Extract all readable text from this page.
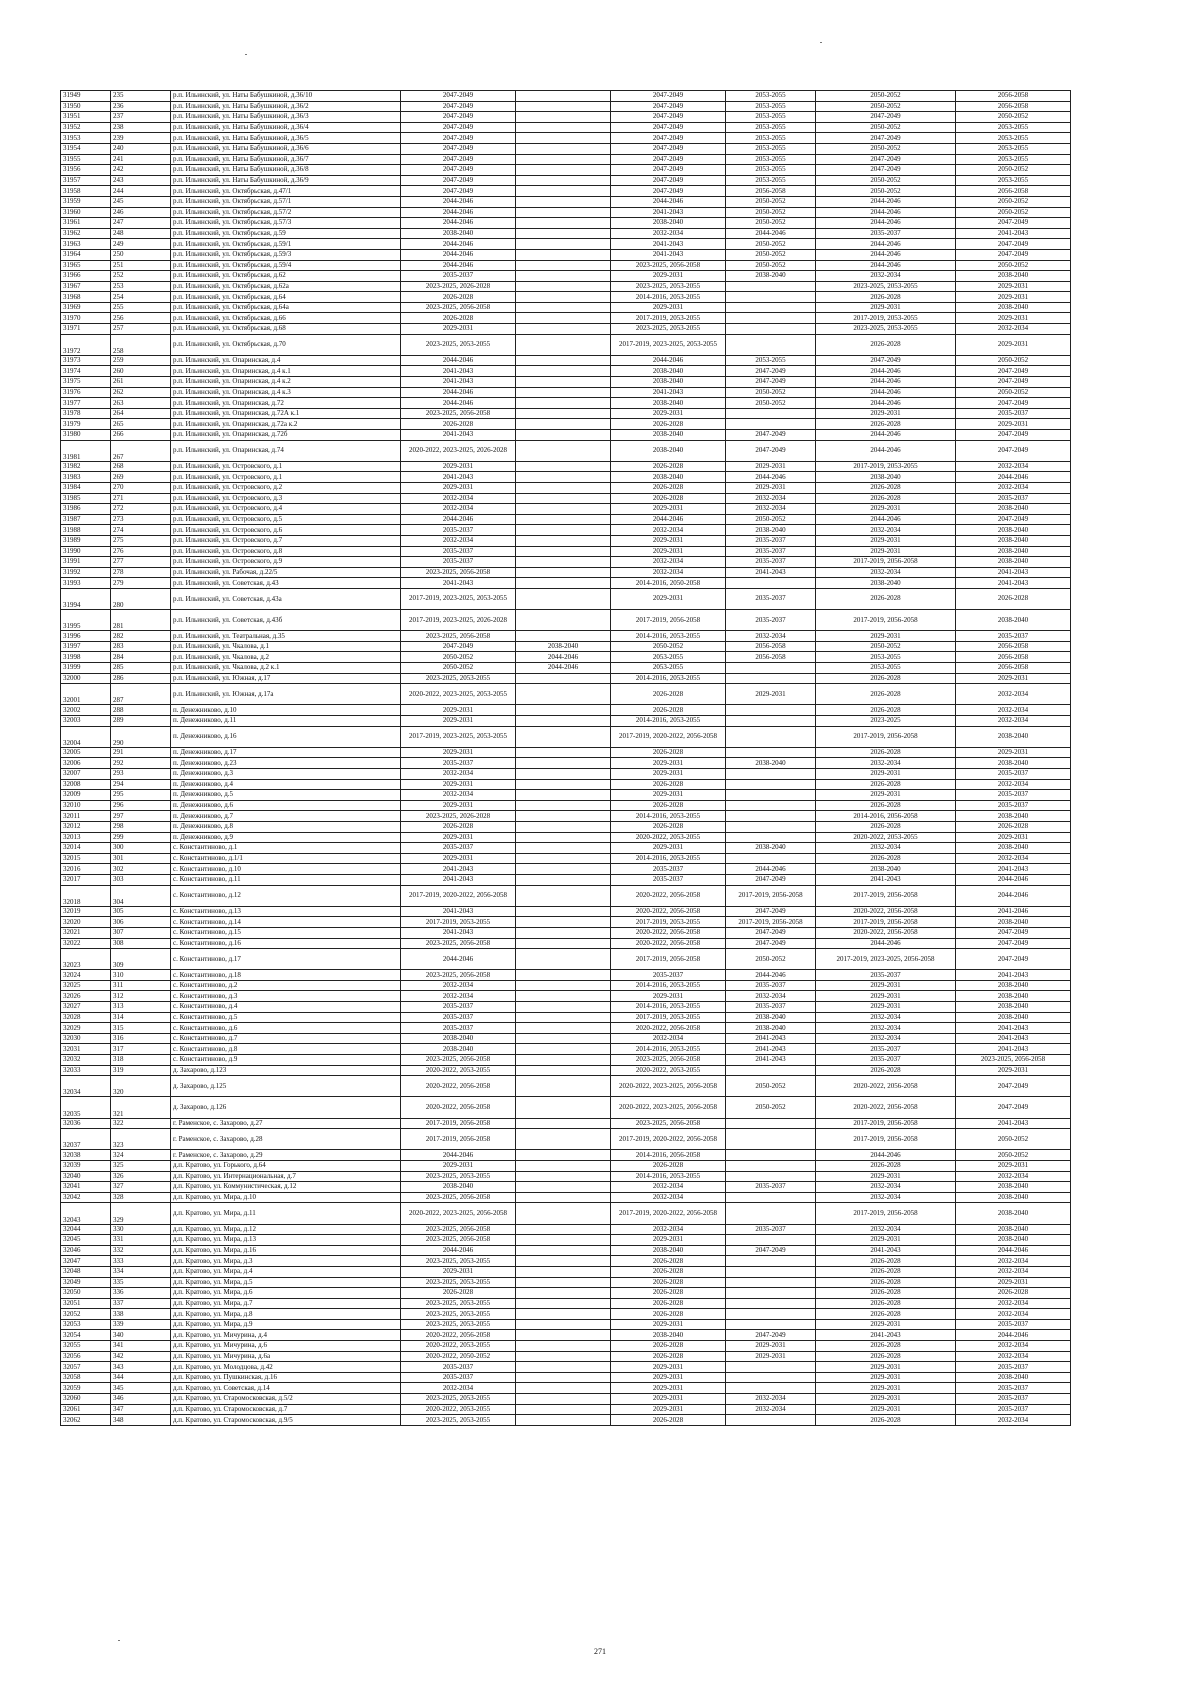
31949	235	р.п. Ильинский, ул. Наты Бабушкиной, д.36/10	2047-2049		2047-2049	2053-2055	2050-2052	2056-2058
31950	236	р.п. Ильинский, ул. Наты Бабушкиной, д.36/2	2047-2049		2047-2049	2053-2055	2050-2052	2056-2058
31951	237	р.п. Ильинский, ул. Наты Бабушкиной, д.36/3	2047-2049		2047-2049	2053-2055	2047-2049	2050-2052
31952	238	р.п. Ильинский, ул. Наты Бабушкиной, д.36/4	2047-2049		2047-2049	2053-2055	2050-2052	2053-2055
31953	239	р.п. Ильинский, ул. Наты Бабушкиной, д.36/5	2047-2049		2047-2049	2053-2055	2047-2049	2053-2055
31954	240	р.п. Ильинский, ул. Наты Бабушкиной, д.36/6	2047-2049		2047-2049	2053-2055	2050-2052	2053-2055
31955	241	р.п. Ильинский, ул. Наты Бабушкиной, д.36/7	2047-2049		2047-2049	2053-2055	2047-2049	2053-2055
31956	242	р.п. Ильинский, ул. Наты Бабушкиной, д.36/8	2047-2049		2047-2049	2053-2055	2047-2049	2050-2052
31957	243	р.п. Ильинский, ул. Наты Бабушкиной, д.36/9	2047-2049		2047-2049	2053-2055	2050-2052	2053-2055
31958	244	р.п. Ильинский, ул. Октябрьская, д.47/1	2047-2049		2047-2049	2056-2058	2050-2052	2056-2058
31959	245	р.п. Ильинский, ул. Октябрьская, д.57/1	2044-2046		2044-2046	2050-2052	2044-2046	2050-2052
31960	246	р.п. Ильинский, ул. Октябрьская, д.57/2	2044-2046		2041-2043	2050-2052	2044-2046	2050-2052
31961	247	р.п. Ильинский, ул. Октябрьская, д.57/3	2044-2046		2038-2040	2050-2052	2044-2046	2047-2049
31962	248	р.п. Ильинский, ул. Октябрьская, д.59	2038-2040		2032-2034	2044-2046	2035-2037	2041-2043
31963	249	р.п. Ильинский, ул. Октябрьская, д.59/1	2044-2046		2041-2043	2050-2052	2044-2046	2047-2049
31964	250	р.п. Ильинский, ул. Октябрьская, д.59/3	2044-2046		2041-2043	2050-2052	2044-2046	2047-2049
31965	251	р.п. Ильинский, ул. Октябрьская, д.59/4	2044-2046		2023-2025, 2056-2058	2050-2052	2044-2046	2050-2052
31966	252	р.п. Ильинский, ул. Октябрьская, д.62	2035-2037		2029-2031	2038-2040	2032-2034	2038-2040
31967	253	р.п. Ильинский, ул. Октябрьская, д.62а	2023-2025, 2026-2028		2023-2025, 2053-2055		2023-2025, 2053-2055	2029-2031
31968	254	р.п. Ильинский, ул. Октябрьская, д.64	2026-2028		2014-2016, 2053-2055		2026-2028	2029-2031
31969	255	р.п. Ильинский, ул. Октябрьская, д.64а	2023-2025, 2056-2058		2029-2031		2029-2031	2038-2040
31970	256	р.п. Ильинский, ул. Октябрьская, д.66	2026-2028		2017-2019, 2053-2055		2017-2019, 2053-2055	2029-2031
31971	257	р.п. Ильинский, ул. Октябрьская, д.68	2029-2031		2023-2025, 2053-2055		2023-2025, 2053-2055	2032-2034
31972	258	р.п. Ильинский, ул. Октябрьская, д.70	2023-2025, 2053-2055		2017-2019, 2023-2025, 2053-2055		2026-2028	2029-2031
31973	259	р.п. Ильинский, ул. Опаринская, д.4	2044-2046		2044-2046	2053-2055	2047-2049	2050-2052
31974	260	р.п. Ильинский, ул. Опаринская, д.4 к.1	2041-2043		2038-2040	2047-2049	2044-2046	2047-2049
31975	261	р.п. Ильинский, ул. Опаринская, д.4 к.2	2041-2043		2038-2040	2047-2049	2044-2046	2047-2049
31976	262	р.п. Ильинский, ул. Опаринская, д.4 к.3	2044-2046		2041-2043	2050-2052	2044-2046	2050-2052
31977	263	р.п. Ильинский, ул. Опаринская, д.72	2044-2046		2038-2040	2050-2052	2044-2046	2047-2049
31978	264	р.п. Ильинский, ул. Опаринская, д.72А к.1	2023-2025, 2056-2058		2029-2031		2029-2031	2035-2037
31979	265	р.п. Ильинский, ул. Опаринская, д.72а к.2	2026-2028		2026-2028		2026-2028	2029-2031
31980	266	р.п. Ильинский, ул. Опаринская, д.72б	2041-2043		2038-2040	2047-2049	2044-2046	2047-2049
31981	267	р.п. Ильинский, ул. Опаринская, д.74	2020-2022, 2023-2025, 2026-2028		2038-2040	2047-2049	2044-2046	2047-2049
31982	268	р.п. Ильинский, ул. Островского, д.1	2029-2031		2026-2028	2029-2031	2017-2019, 2053-2055	2032-2034
31983	269	р.п. Ильинский, ул. Островского, д.1	2041-2043		2038-2040	2044-2046	2038-2040	2044-2046
31984	270	р.п. Ильинский, ул. Островского, д.2	2029-2031		2026-2028	2029-2031	2026-2028	2032-2034
31985	271	р.п. Ильинский, ул. Островского, д.3	2032-2034		2026-2028	2032-2034	2026-2028	2035-2037
31986	272	р.п. Ильинский, ул. Островского, д.4	2032-2034		2029-2031	2032-2034	2029-2031	2038-2040
31987	273	р.п. Ильинский, ул. Островского, д.5	2044-2046		2044-2046	2050-2052	2044-2046	2047-2049
31988	274	р.п. Ильинский, ул. Островского, д.6	2035-2037		2032-2034	2038-2040	2032-2034	2038-2040
31989	275	р.п. Ильинский, ул. Островского, д.7	2032-2034		2029-2031	2035-2037	2029-2031	2038-2040
31990	276	р.п. Ильинский, ул. Островского, д.8	2035-2037		2029-2031	2035-2037	2029-2031	2038-2040
31991	277	р.п. Ильинский, ул. Островского, д.9	2035-2037		2032-2034	2035-2037	2017-2019, 2056-2058	2038-2040
31992	278	р.п. Ильинский, ул. Рабочая, д.22/5	2023-2025, 2056-2058		2032-2034	2041-2043	2032-2034	2041-2043
31993	279	р.п. Ильинский, ул. Советская, д.43	2041-2043		2014-2016, 2050-2058		2038-2040	2041-2043
31994	280	р.п. Ильинский, ул. Советская, д.43а	2017-2019, 2023-2025, 2053-2055		2029-2031	2035-2037	2026-2028	2026-2028
31995	281	р.п. Ильинский, ул. Советская, д.43б	2017-2019, 2023-2025, 2026-2028		2017-2019, 2056-2058	2035-2037	2017-2019, 2056-2058	2038-2040
31996	282	р.п. Ильинский, ул. Театральная, д.35	2023-2025, 2056-2058		2014-2016, 2053-2055	2032-2034	2029-2031	2035-2037
31997	283	р.п. Ильинский, ул. Чкалова, д.1	2047-2049	2038-2040	2050-2052	2056-2058	2050-2052	2056-2058
31998	284	р.п. Ильинский, ул. Чкалова, д.2	2050-2052	2044-2046	2053-2055	2056-2058	2053-2055	2056-2058
31999	285	р.п. Ильинский, ул. Чкалова, д.2 к.1	2050-2052	2044-2046	2053-2055		2053-2055	2056-2058
32000	286	р.п. Ильинский, ул. Южная, д.17	2023-2025, 2053-2055		2014-2016, 2053-2055		2026-2028	2029-2031
32001	287	р.п. Ильинский, ул. Южная, д.17а	2020-2022, 2023-2025, 2053-2055		2026-2028	2029-2031	2026-2028	2032-2034
32002	288	п. Денежниково, д.10	2029-2031		2026-2028		2026-2028	2032-2034
32003	289	п. Денежниково, д.11	2029-2031		2014-2016, 2053-2055		2023-2025	2032-2034
32004	290	п. Денежниково, д.16	2017-2019, 2023-2025, 2053-2055		2017-2019, 2020-2022, 2056-2058		2017-2019, 2056-2058	2038-2040
32005	291	п. Денежниково, д.17	2029-2031		2026-2028		2026-2028	2029-2031
32006	292	п. Денежниково, д.23	2035-2037		2029-2031	2038-2040	2032-2034	2038-2040
32007	293	п. Денежниково, д.3	2032-2034		2029-2031		2029-2031	2035-2037
32008	294	п. Денежниково, д.4	2029-2031		2026-2028		2026-2028	2032-2034
32009	295	п. Денежниково, д.5	2032-2034		2029-2031		2029-2031	2035-2037
32010	296	п. Денежниково, д.6	2029-2031		2026-2028		2026-2028	2035-2037
32011	297	п. Денежниково, д.7	2023-2025, 2026-2028		2014-2016, 2053-2055		2014-2016, 2056-2058	2038-2040
32012	298	п. Денежниково, д.8	2026-2028		2026-2028		2026-2028	2026-2028
32013	299	п. Денежниково, д.9	2029-2031		2020-2022, 2053-2055		2020-2022, 2053-2055	2029-2031
32014	300	с. Константиново, д.1	2035-2037		2029-2031	2038-2040	2032-2034	2038-2040
32015	301	с. Константиново, д.1/1	2029-2031		2014-2016, 2053-2055		2026-2028	2032-2034
32016	302	с. Константиново, д.10	2041-2043		2035-2037	2044-2046	2038-2040	2041-2043
32017	303	с. Константиново, д.11	2041-2043		2035-2037	2047-2049	2041-2043	2044-2046
32018	304	с. Константиново, д.12	2017-2019, 2020-2022, 2056-2058		2020-2022, 2056-2058	2017-2019, 2056-2058	2017-2019, 2056-2058	2044-2046
32019	305	с. Константиново, д.13	2041-2043		2020-2022, 2056-2058	2047-2049	2020-2022, 2056-2058	2041-2046
32020	306	с. Константиново, д.14	2017-2019, 2053-2055		2017-2019, 2053-2055	2017-2019, 2056-2058	2017-2019, 2056-2058	2038-2040
32021	307	с. Константиново, д.15	2041-2043		2020-2022, 2056-2058	2047-2049	2020-2022, 2056-2058	2047-2049
32022	308	с. Константиново, д.16	2023-2025, 2056-2058		2020-2022, 2056-2058	2047-2049	2044-2046	2047-2049
32023	309	с. Константиново, д.17	2044-2046		2017-2019, 2056-2058	2050-2052	2017-2019, 2023-2025, 2056-2058	2047-2049
32024	310	с. Константиново, д.18	2023-2025, 2056-2058		2035-2037	2044-2046	2035-2037	2041-2043
32025	311	с. Константиново, д.2	2032-2034		2014-2016, 2053-2055	2035-2037	2029-2031	2038-2040
32026	312	с. Константиново, д.3	2032-2034		2029-2031	2032-2034	2029-2031	2038-2040
32027	313	с. Константиново, д.4	2035-2037		2014-2016, 2053-2055	2035-2037	2029-2031	2038-2040
32028	314	с. Константиново, д.5	2035-2037		2017-2019, 2053-2055	2038-2040	2032-2034	2038-2040
32029	315	с. Константиново, д.6	2035-2037		2020-2022, 2056-2058	2038-2040	2032-2034	2041-2043
32030	316	с. Константиново, д.7	2038-2040		2032-2034	2041-2043	2032-2034	2041-2043
32031	317	с. Константиново, д.8	2038-2040		2014-2016, 2053-2055	2041-2043	2035-2037	2041-2043
32032	318	с. Константиново, д.9	2023-2025, 2056-2058		2023-2025, 2056-2058	2041-2043	2035-2037	2023-2025, 2056-2058
32033	319	д. Захарово, д.123	2020-2022, 2053-2055		2020-2022, 2053-2055		2026-2028	2029-2031
32034	320	д. Захарово, д.125	2020-2022, 2056-2058		2020-2022, 2023-2025, 2056-2058	2050-2052	2020-2022, 2056-2058	2047-2049
32035	321	д. Захарово, д.126	2020-2022, 2056-2058		2020-2022, 2023-2025, 2056-2058	2050-2052	2020-2022, 2056-2058	2047-2049
32036	322	г. Раменское, с. Захарово, д.27	2017-2019, 2056-2058		2023-2025, 2056-2058		2017-2019, 2056-2058	2041-2043
32037	323	г. Раменское, с. Захарово, д.28	2017-2019, 2056-2058		2017-2019, 2020-2022, 2056-2058		2017-2019, 2056-2058	2050-2052
32038	324	г. Раменское, с. Захарово, д.29	2044-2046		2014-2016, 2056-2058		2044-2046	2050-2052
32039	325	д.п. Кратово, ул. Горького, д.64	2029-2031		2026-2028		2026-2028	2029-2031
32040	326	д.п. Кратово, ул. Интернациональная, д.7	2023-2025, 2053-2055		2014-2016, 2053-2055		2029-2031	2032-2034
32041	327	д.п. Кратово, ул. Коммунистическая, д.12	2038-2040		2032-2034	2035-2037	2032-2034	2038-2040
32042	328	д.п. Кратово, ул. Мира, д.10	2023-2025, 2056-2058		2032-2034		2032-2034	2038-2040
32043	329	д.п. Кратово, ул. Мира, д.11	2020-2022, 2023-2025, 2056-2058		2017-2019, 2020-2022, 2056-2058		2017-2019, 2056-2058	2038-2040
32044	330	д.п. Кратово, ул. Мира, д.12	2023-2025, 2056-2058		2032-2034	2035-2037	2032-2034	2038-2040
32045	331	д.п. Кратово, ул. Мира, д.13	2023-2025, 2056-2058		2029-2031		2029-2031	2038-2040
32046	332	д.п. Кратово, ул. Мира, д.16	2044-2046		2038-2040	2047-2049	2041-2043	2044-2046
32047	333	д.п. Кратово, ул. Мира, д.3	2023-2025, 2053-2055		2026-2028		2026-2028	2032-2034
32048	334	д.п. Кратово, ул. Мира, д.4	2029-2031		2026-2028		2026-2028	2032-2034
32049	335	д.п. Кратово, ул. Мира, д.5	2023-2025, 2053-2055		2026-2028		2026-2028	2029-2031
32050	336	д.п. Кратово, ул. Мира, д.6	2026-2028		2026-2028		2026-2028	2026-2028
32051	337	д.п. Кратово, ул. Мира, д.7	2023-2025, 2053-2055		2026-2028		2026-2028	2032-2034
32052	338	д.п. Кратово, ул. Мира, д.8	2023-2025, 2053-2055		2026-2028		2026-2028	2032-2034
32053	339	д.п. Кратово, ул. Мира, д.9	2023-2025, 2053-2055		2029-2031		2029-2031	2035-2037
32054	340	д.п. Кратово, ул. Мичурина, д.4	2020-2022, 2056-2058		2038-2040	2047-2049	2041-2043	2044-2046
32055	341	д.п. Кратово, ул. Мичурина, д.6	2020-2022, 2053-2055		2026-2028	2029-2031	2026-2028	2032-2034
32056	342	д.п. Кратово, ул. Мичурина, д.6а	2020-2022, 2050-2052		2026-2028	2029-2031	2026-2028	2032-2034
32057	343	д.п. Кратово, ул. Молодцова, д.42	2035-2037		2029-2031		2029-2031	2035-2037
32058	344	д.п. Кратово, ул. Пушкинская, д.16	2035-2037		2029-2031		2029-2031	2038-2040
32059	345	д.п. Кратово, ул. Советская, д.14	2032-2034		2029-2031		2029-2031	2035-2037
32060	346	д.п. Кратово, ул. Старомосковская, д.5/2	2023-2025, 2053-2055		2029-2031	2032-2034	2029-2031	2035-2037
32061	347	д.п. Кратово, ул. Старомосковская, д.7	2020-2022, 2053-2055		2029-2031	2032-2034	2029-2031	2035-2037
32062	348	д.п. Кратово, ул. Старомосковская, д.9/5	2023-2025, 2053-2055		2026-2028		2026-2028	2032-2034
271
